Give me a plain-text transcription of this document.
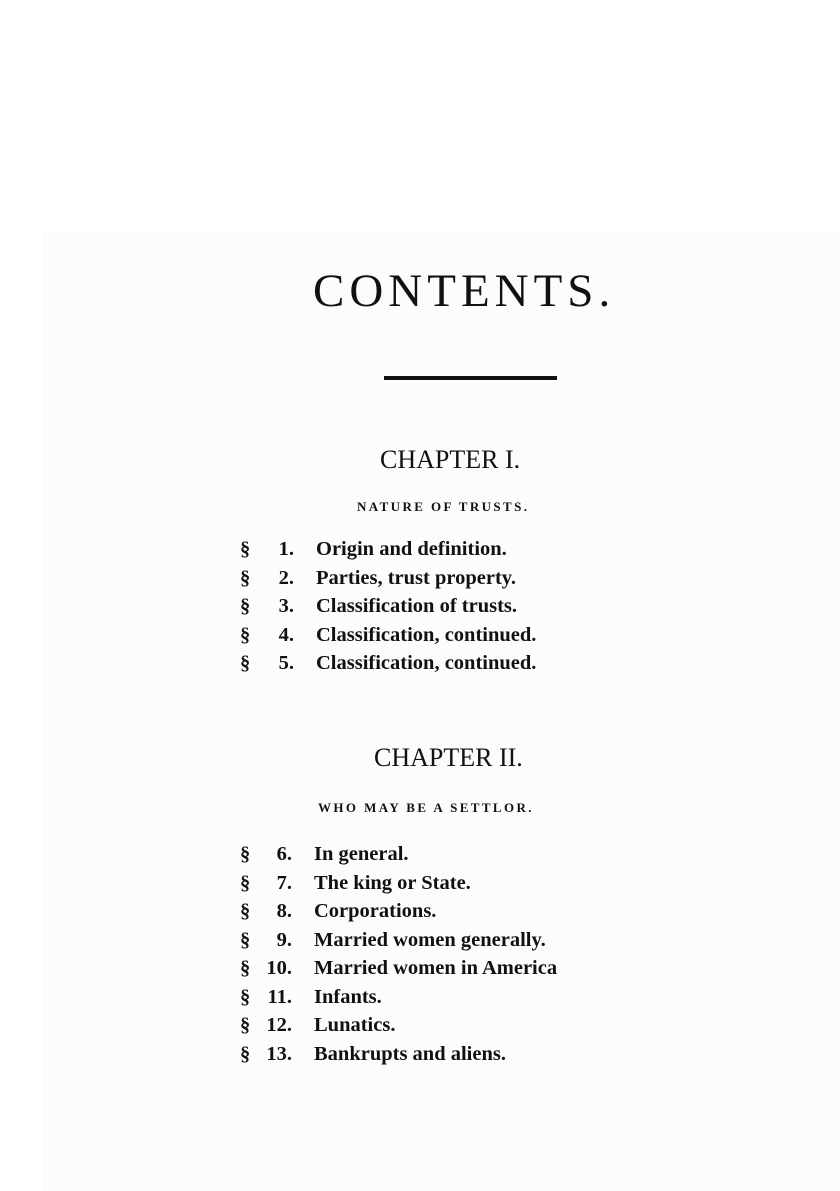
CONTENTS.
CHAPTER I.
NATURE OF TRUSTS.
§	1. Origin and definition.
§	2. Parties, trust property.
§	3. Classification of trusts.
§	4. Classification, continued.
§	5. Classification, continued.
CHAPTER II.
WHO MAY BE A SETTLOR.
§	6. In general.
§	7. The king or State.
§	8. Corporations.
§	9. Married women generally.
§ 10. Married women in America
§ 11. Infants.
§ 12. Lunatics.
§ 13. Bankrupts and aliens.
